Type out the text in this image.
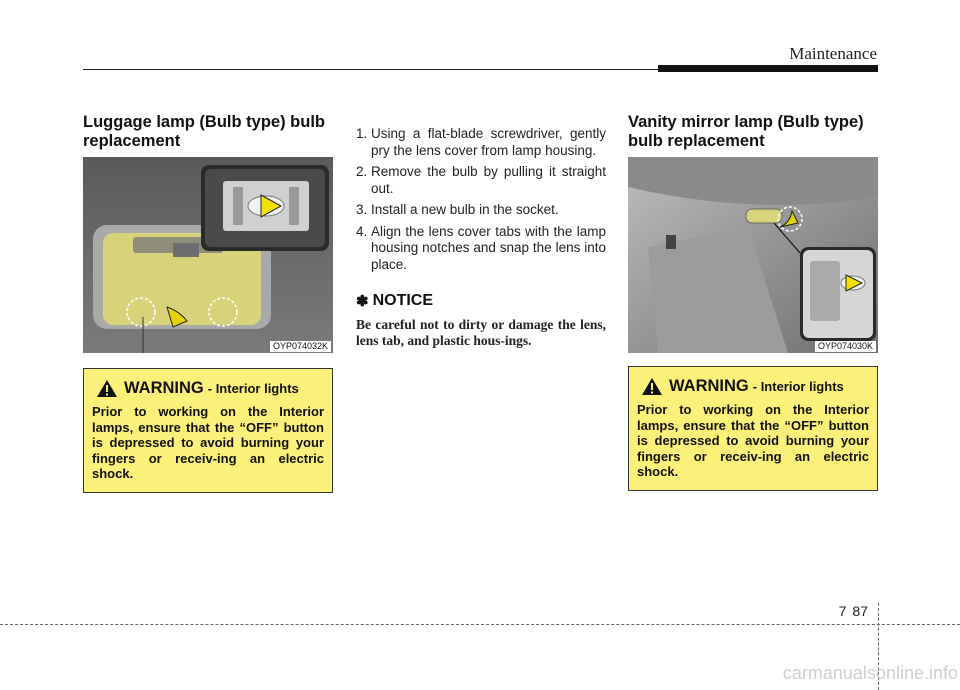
Maintenance
Luggage lamp (Bulb type) bulb
replacement
OYP074032K
WARNING - Interior lights
Prior to working on the Interior lamps, ensure that the “OFF” button is depressed to avoid burning your fingers or receiv-ing an electric shock.
1. Using a flat-blade screwdriver, gently pry the lens cover from lamp housing.
2. Remove the bulb by pulling it straight out.
3. Install a new bulb in the socket.
4. Align the lens cover tabs with the lamp housing notches and snap the lens into place.
✽ NOTICE
Be careful not to dirty or damage the lens, lens tab, and plastic hous-ings.
Vanity mirror lamp (Bulb type)
bulb replacement
OYP074030K
WARNING - Interior lights
Prior to working on the Interior lamps, ensure that the “OFF” button is depressed to avoid burning your fingers or receiv-ing an electric shock.
7 87
carmanualsonline.info
